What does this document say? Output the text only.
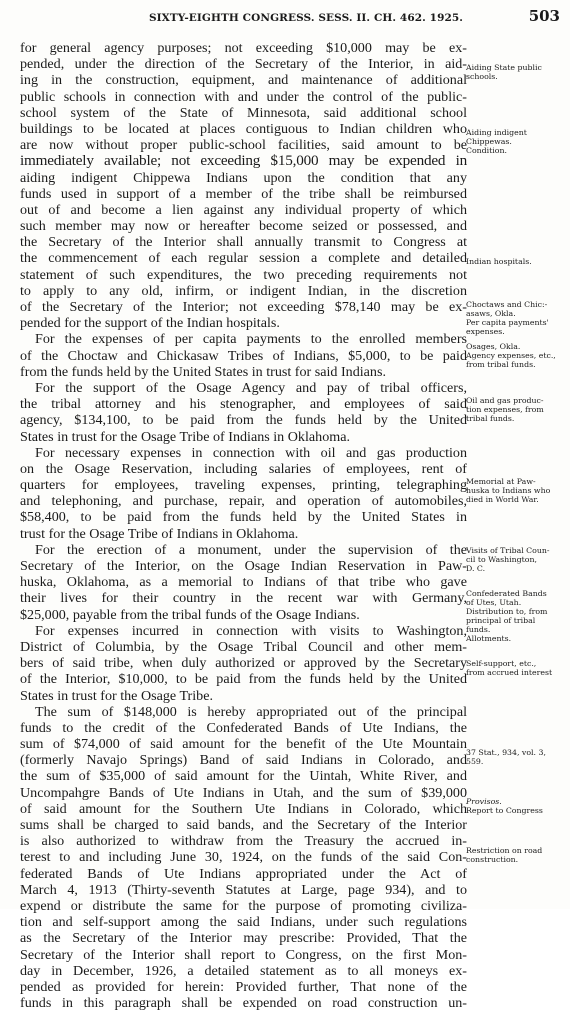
SIXTY-EIGHTH CONGRESS. SESS. II. CH. 462. 1925.	503
for general agency purposes; not exceeding $10,000 may be ex-
pended, under the direction of the Secretary of the Interior, in aid-
ing in the construction, equipment, and maintenance of additional
public schools in connection with and under the control of the public-
school system of the State of Minnesota, said additional school
buildings to be located at places contiguous to Indian children who
are now without proper public-school facilities, said amount to be
immediately available; not exceeding $15,000 may be expended in
aiding indigent Chippewa Indians upon the condition that any
funds used in support of a member of the tribe shall be reimbursed
out of and become a lien against any individual property of which
such member may now or hereafter become seized or possessed, and
the Secretary of the Interior shall annually transmit to Congress at
the commencement of each regular session a complete and detailed
statement of such expenditures, the two preceding requirements not
to apply to any old, infirm, or indigent Indian, in the discretion
of the Secretary of the Interior; not exceeding $78,140 may be ex-
pended for the support of the Indian hospitals.
For the expenses of per capita payments to the enrolled members
of the Choctaw and Chickasaw Tribes of Indians, $5,000, to be paid
from the funds held by the United States in trust for said Indians.
For the support of the Osage Agency and pay of tribal officers,
the tribal attorney and his stenographer, and employees of said
agency, $134,100, to be paid from the funds held by the United
States in trust for the Osage Tribe of Indians in Oklahoma.
For necessary expenses in connection with oil and gas production
on the Osage Reservation, including salaries of employees, rent of
quarters for employees, traveling expenses, printing, telegraphing
and telephoning, and purchase, repair, and operation of automobiles,
$58,400, to be paid from the funds held by the United States in
trust for the Osage Tribe of Indians in Oklahoma.
For the erection of a monument, under the supervision of the
Secretary of the Interior, on the Osage Indian Reservation in Paw-
huska, Oklahoma, as a memorial to Indians of that tribe who gave
their lives for their country in the recent war with Germany,
$25,000, payable from the tribal funds of the Osage Indians.
For expenses incurred in connection with visits to Washington,
District of Columbia, by the Osage Tribal Council and other mem-
bers of said tribe, when duly authorized or approved by the Secretary
of the Interior, $10,000, to be paid from the funds held by the United
States in trust for the Osage Tribe.
The sum of $148,000 is hereby appropriated out of the principal
funds to the credit of the Confederated Bands of Ute Indians, the
sum of $74,000 of said amount for the benefit of the Ute Mountain
(formerly Navajo Springs) Band of said Indians in Colorado, and
the sum of $35,000 of said amount for the Uintah, White River, and
Uncompahgre Bands of Ute Indians in Utah, and the sum of $39,000
of said amount for the Southern Ute Indians in Colorado, which
sums shall be charged to said bands, and the Secretary of the Interior
is also authorized to withdraw from the Treasury the accrued in-
terest to and including June 30, 1924, on the funds of the said Con-
federated Bands of Ute Indians appropriated under the Act of
March 4, 1913 (Thirty-seventh Statutes at Large, page 934), and to
expend or distribute the same for the purpose of promoting civiliza-
tion and self-support among the said Indians, under such regulations
as the Secretary of the Interior may prescribe: Provided, That the
Secretary of the Interior shall report to Congress, on the first Mon-
day in December, 1926, a detailed statement as to all moneys ex-
pended as provided for herein: Provided further, That none of the
funds in this paragraph shall be expended on road construction un-
Aiding State public
schools.
Aiding indigent
Chippewas.
Condition.
Indian hospitals.
Choctaws and Chic:-
asaws, Okla.
Per capita payments'
expenses.
Osages, Okla.
Agency expenses, etc.,
from tribal funds.
Oil and gas produc-
tion expenses, from
tribal funds.
Memorial at Paw-
huska to Indians who
died in World War.
Visits of Tribal Coun-
cil to Washington,
D. C.
Confederated Bands
of Utes, Utah.
Distribution to, from
principal of tribal
funds.
Allotments.
Self-support, etc.,
from accrued interest
37 Stat., 934, vol. 3,
559.
Provisos.
Report to Congress
Restriction on road
construction.
